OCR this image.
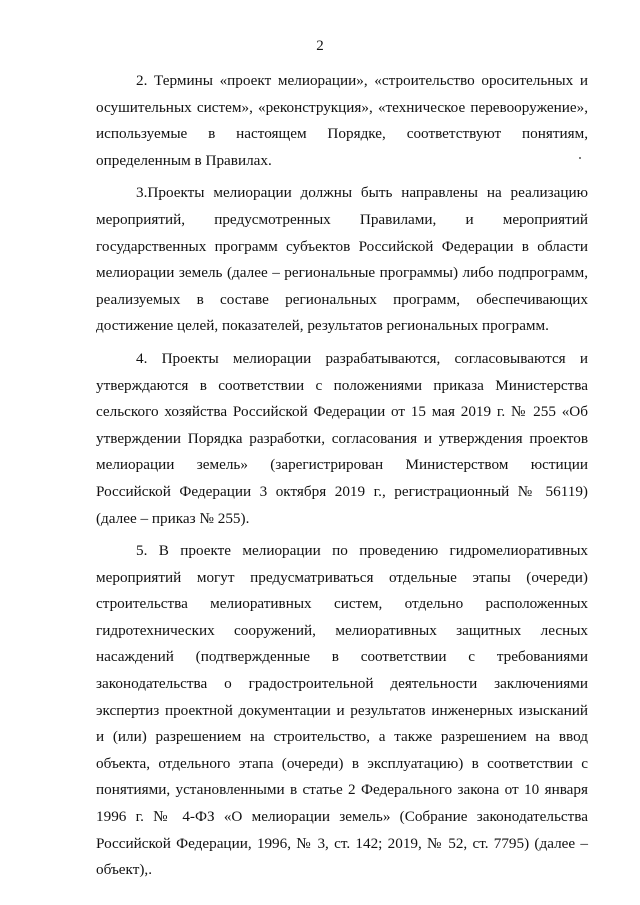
2

2. Термины «проект мелиорации», «строительство оросительных и осушительных систем», «реконструкция», «техническое перевооружение», используемые в настоящем Порядке, соответствуют понятиям, определенным в Правилах.

3.Проекты мелиорации должны быть направлены на реализацию мероприятий, предусмотренных Правилами, и мероприятий государственных программ субъектов Российской Федерации в области мелиорации земель (далее – региональные программы) либо подпрограмм, реализуемых в составе региональных программ, обеспечивающих достижение целей, показателей, результатов региональных программ.

4. Проекты мелиорации разрабатываются, согласовываются и утверждаются в соответствии с положениями приказа Министерства сельского хозяйства Российской Федерации от 15 мая 2019 г. № 255 «Об утверждении Порядка разработки, согласования и утверждения проектов мелиорации земель» (зарегистрирован Министерством юстиции Российской Федерации 3 октября 2019 г., регистрационный № 56119) (далее – приказ № 255).

5. В проекте мелиорации по проведению гидромелиоративных мероприятий могут предусматриваться отдельные этапы (очереди) строительства мелиоративных систем, отдельно расположенных гидротехнических сооружений, мелиоративных защитных лесных насаждений (подтвержденные в соответствии с требованиями законодательства о градостроительной деятельности заключениями экспертиз проектной документации и результатов инженерных изысканий и (или) разрешением на строительство, а также разрешением на ввод объекта, отдельного этапа (очереди) в эксплуатацию) в соответствии с понятиями, установленными в статье 2 Федерального закона от 10 января 1996 г. № 4-ФЗ «О мелиорации земель» (Собрание законодательства Российской Федерации, 1996, № 3, ст. 142; 2019, № 52, ст. 7795) (далее – объект),.
